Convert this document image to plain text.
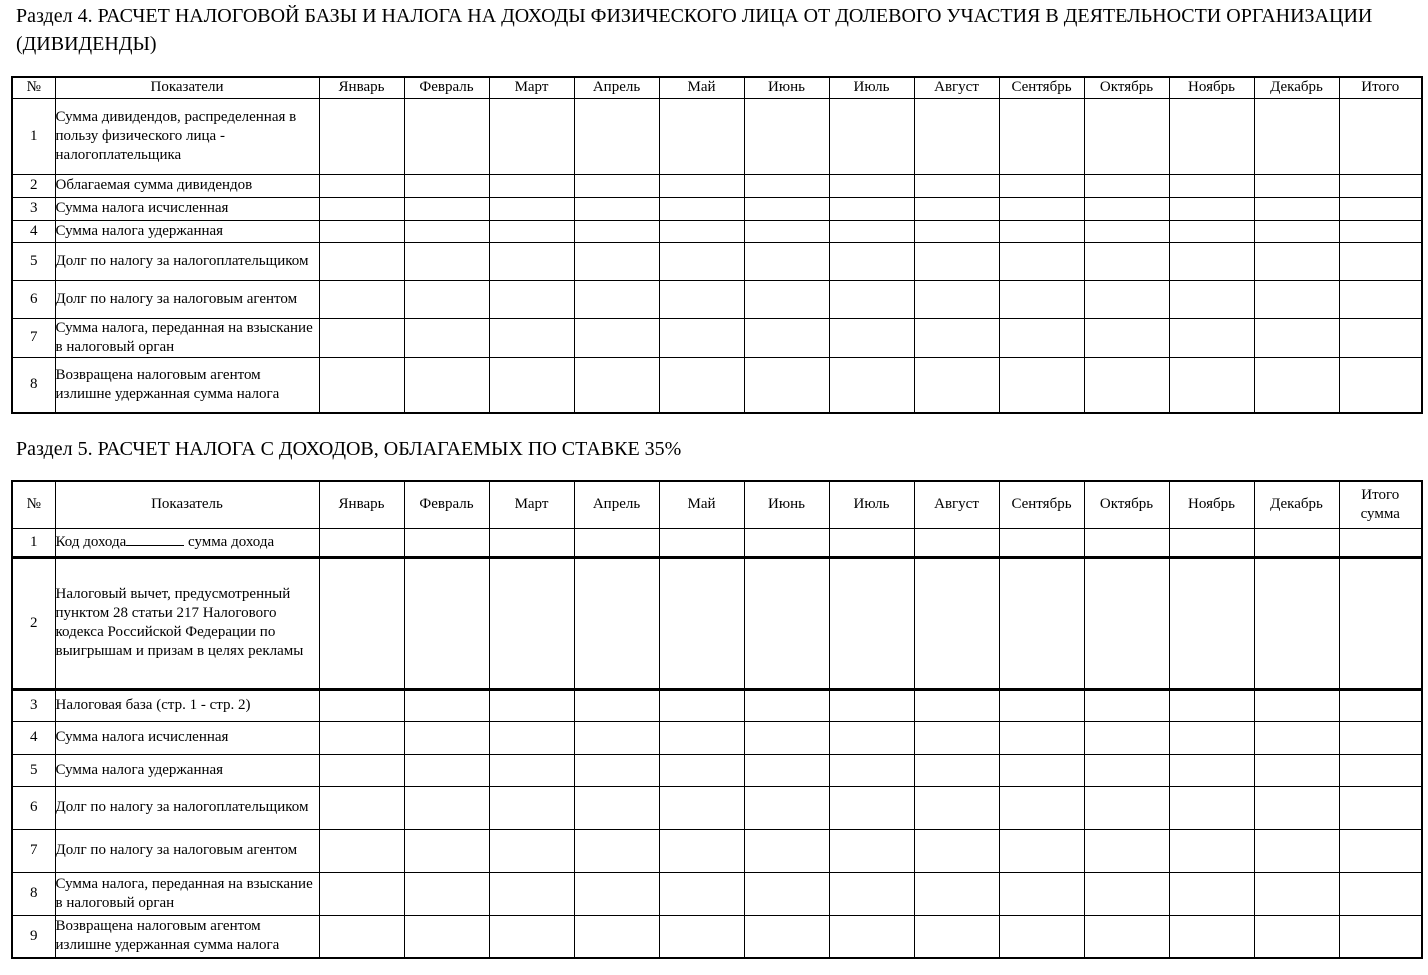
Раздел 4. РАСЧЕТ НАЛОГОВОЙ БАЗЫ И НАЛОГА НА ДОХОДЫ ФИЗИЧЕСКОГО ЛИЦА ОТ ДОЛЕВОГО УЧАСТИЯ В ДЕЯТЕЛЬНОСТИ ОРГАНИЗАЦИИ (ДИВИДЕНДЫ)
№	Показатели	Январь	Февраль	Март	Апрель	Май	Июнь	Июль	Август	Сентябрь	Октябрь	Ноябрь	Декабрь	Итого
1	Сумма дивидендов, распределенная в пользу физического лица - налогоплательщика													
2	Облагаемая сумма дивидендов													
3	Сумма налога исчисленная													
4	Сумма налога удержанная													
5	Долг по налогу за налогоплательщиком													
6	Долг по налогу за налоговым агентом													
7	Сумма налога, переданная на взыскание в налоговый орган													
8	Возвращена налоговым агентом излишне удержанная сумма налога													
Раздел 5. РАСЧЕТ НАЛОГА С ДОХОДОВ, ОБЛАГАЕМЫХ ПО СТАВКЕ 35%
№	Показатель	Январь	Февраль	Март	Апрель	Май	Июнь	Июль	Август	Сентябрь	Октябрь	Ноябрь	Декабрь	Итого сумма
1	Код дохода сумма дохода													
2	Налоговый вычет, предусмотренный пунктом 28 статьи 217 Налогового кодекса Российской Федерации по выигрышам и призам в целях рекламы													
3	Налоговая база (стр. 1 - стр. 2)													
4	Сумма налога исчисленная													
5	Сумма налога удержанная													
6	Долг по налогу за налогоплательщиком													
7	Долг по налогу за налоговым агентом													
8	Сумма налога, переданная на взыскание в налоговый орган													
9	Возвращена налоговым агентом излишне удержанная сумма налога													
